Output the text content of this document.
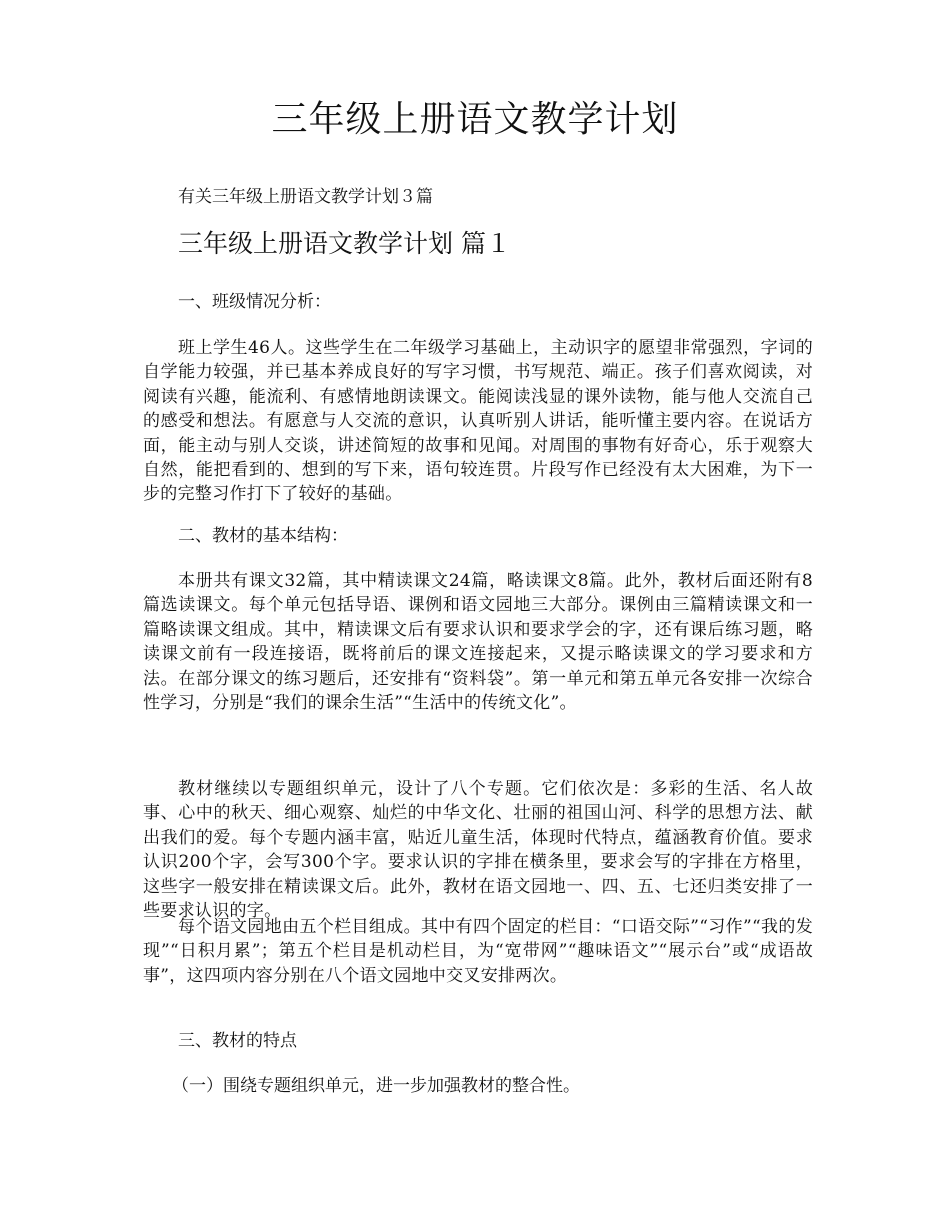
三年级上册语文教学计划

有关三年级上册语文教学计划３篇

三年级上册语文教学计划 篇１

一、班级情况分析：

班上学生46人。这些学生在二年级学习基础上，主动识字的愿望非常强烈，字词的自学能力较强，并已基本养成良好的写字习惯，书写规范、端正。孩子们喜欢阅读，对阅读有兴趣，能流利、有感情地朗读课文。能阅读浅显的课外读物，能与他人交流自己的感受和想法。有愿意与人交流的意识，认真听别人讲话，能听懂主要内容。在说话方面，能主动与别人交谈，讲述简短的故事和见闻。对周围的事物有好奇心，乐于观察大自然，能把看到的、想到的写下来，语句较连贯。片段写作已经没有太大困难，为下一步的完整习作打下了较好的基础。

二、教材的基本结构：

本册共有课文32篇，其中精读课文24篇，略读课文8篇。此外，教材后面还附有8篇选读课文。每个单元包括导语、课例和语文园地三大部分。课例由三篇精读课文和一篇略读课文组成。其中，精读课文后有要求认识和要求学会的字，还有课后练习题，略读课文前有一段连接语，既将前后的课文连接起来，又提示略读课文的学习要求和方法。在部分课文的练习题后，还安排有“资料袋”。第一单元和第五单元各安排一次综合性学习，分别是“我们的课余生活”“生活中的传统文化”。

教材继续以专题组织单元，设计了八个专题。它们依次是：多彩的生活、名人故事、心中的秋天、细心观察、灿烂的中华文化、壮丽的祖国山河、科学的思想方法、献出我们的爱。每个专题内涵丰富，贴近儿童生活，体现时代特点，蕴涵教育价值。要求认识200个字，会写300个字。要求认识的字排在横条里，要求会写的字排在方格里，这些字一般安排在精读课文后。此外，教材在语文园地一、四、五、七还归类安排了一些要求认识的字。

每个语文园地由五个栏目组成。其中有四个固定的栏目：“口语交际”“习作”“我的发现”“日积月累”；第五个栏目是机动栏目，为“宽带网”“趣味语文”“展示台”或“成语故事”，这四项内容分别在八个语文园地中交叉安排两次。

三、教材的特点

（一）围绕专题组织单元，进一步加强教材的整合性。
